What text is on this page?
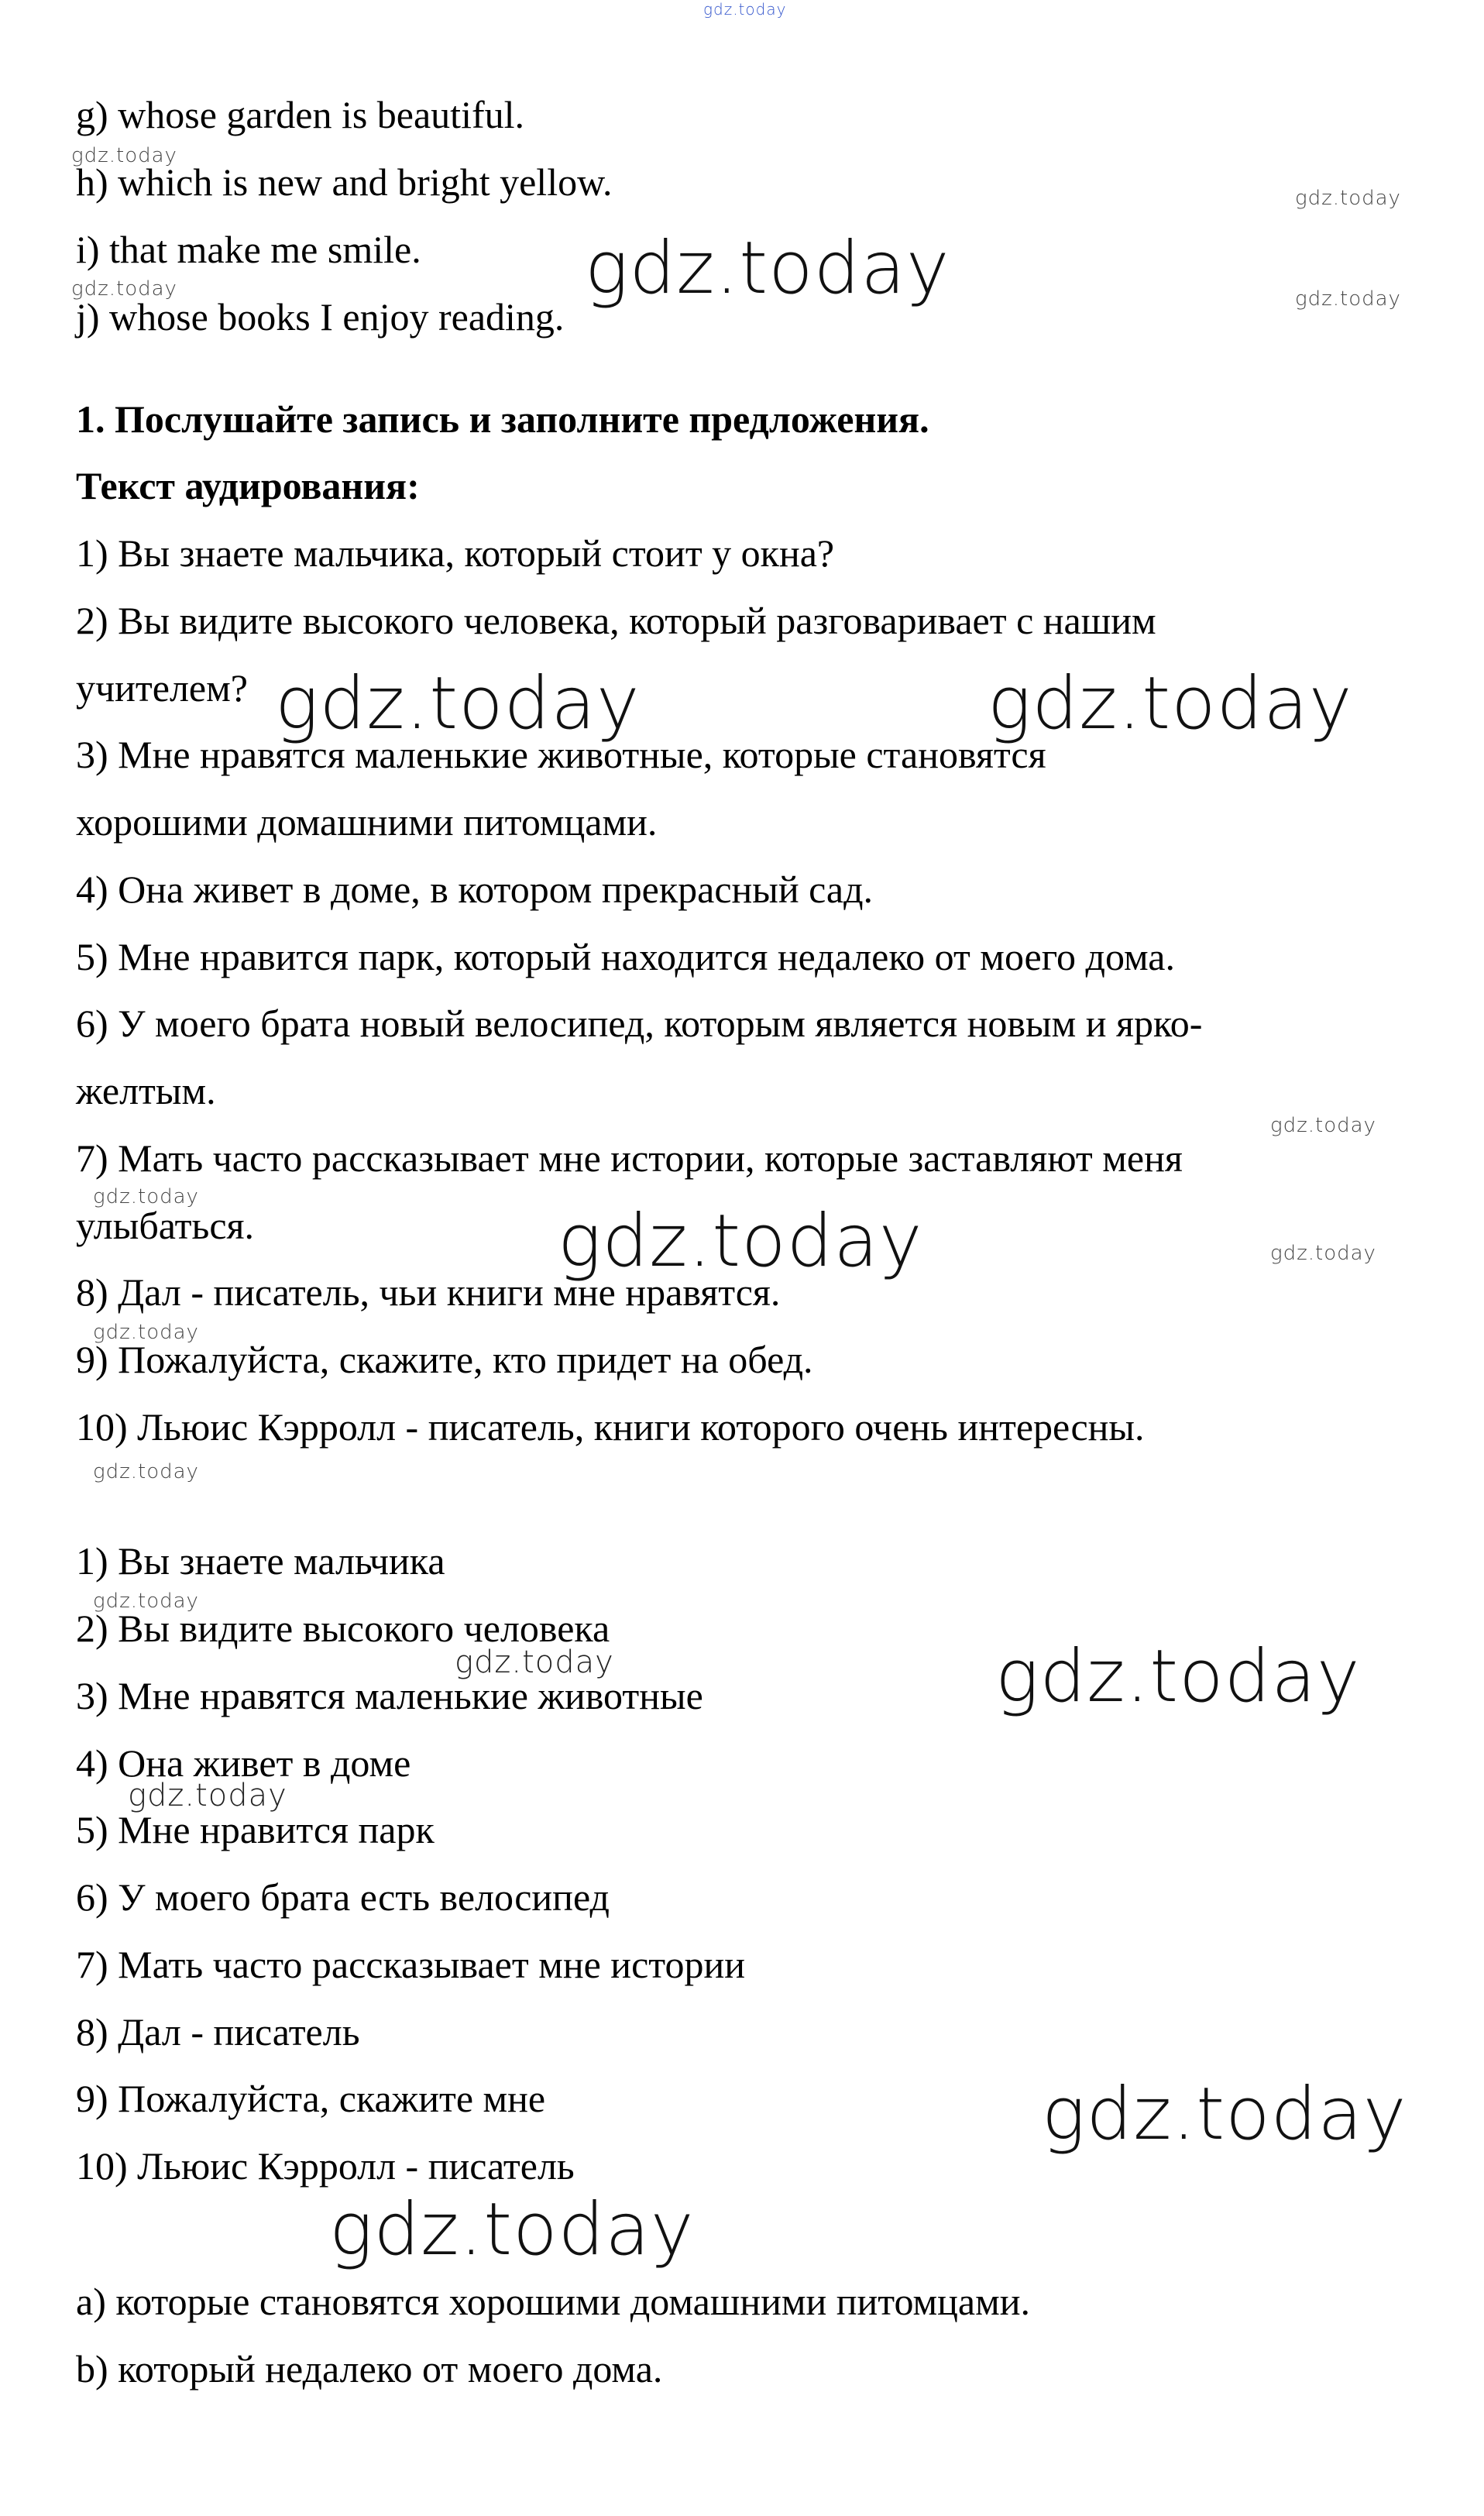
g) whose garden is beautiful.
h) which is new and bright yellow.
i) that make me smile.
j) whose books I enjoy reading.
1. Послушайте запись и заполните предложения.
Текст аудирования:
1) Вы знаете мальчика, который стоит у окна?
2) Вы видите высокого человека, который разговаривает с нашим
учителем?
3) Мне нравятся маленькие животные, которые становятся
хорошими домашними питомцами.
4) Она живет в доме, в котором прекрасный сад.
5) Мне нравится парк, который находится недалеко от моего дома.
6) У моего брата новый велосипед, которым является новым и ярко-
желтым.
7) Мать часто рассказывает мне истории, которые заставляют меня
улыбаться.
8) Дал - писатель, чьи книги мне нравятся.
9) Пожалуйста, скажите, кто придет на обед.
10) Льюис Кэрролл - писатель, книги которого очень интересны.
1) Вы знаете мальчика
2) Вы видите высокого человека
3) Мне нравятся маленькие животные
4) Она живет в доме
5) Мне нравится парк
6) У моего брата есть велосипед
7) Мать часто рассказывает мне истории
8) Дал - писатель
9) Пожалуйста, скажите мне
10) Льюис Кэрролл - писатель
a) которые становятся хорошими домашними питомцами.
b) который недалеко от моего дома.
gdz.today
gdz.today
gdz.today	gdz.today
gdz.today
gdz.today
gdz.today
gdz.today
gdz.today
gdz.today
gdz.today
gdz.today
gdz.today
gdz.today
gdz.today
gdz.today
gdz.today
gdz.today
gdz.today
gdz.today
